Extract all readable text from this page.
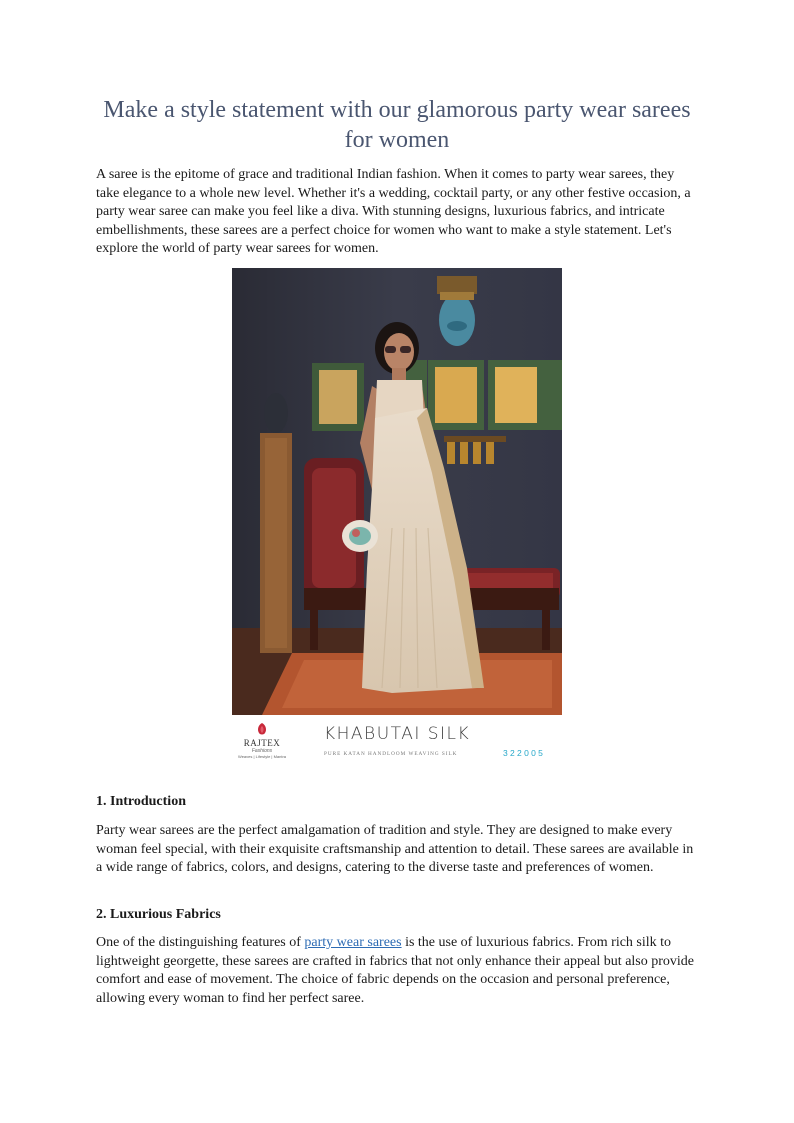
Make a style statement with our glamorous party wear sarees for women

A saree is the epitome of grace and traditional Indian fashion. When it comes to party wear sarees, they take elegance to a whole new level. Whether it's a wedding, cocktail party, or any other festive occasion, a party wear saree can make you feel like a diva. With stunning designs, luxurious fabrics, and intricate embellishments, these sarees are a perfect choice for women who want to make a style statement. Let's explore the world of party wear sarees for women.

RAJTEX
Fashions
Weaves | Lifestyle | Mantra
KHABUTAI SILK
PURE KATAN HANDLOOM WEAVING SILK	322005
1. Introduction

Party wear sarees are the perfect amalgamation of tradition and style. They are designed to make every woman feel special, with their exquisite craftsmanship and attention to detail. These sarees are available in a wide range of fabrics, colors, and designs, catering to the diverse taste and preferences of women.

2. Luxurious Fabrics

One of the distinguishing features of party wear sarees is the use of luxurious fabrics. From rich silk to lightweight georgette, these sarees are crafted in fabrics that not only enhance their appeal but also provide comfort and ease of movement. The choice of fabric depends on the occasion and personal preference, allowing every woman to find her perfect saree.
